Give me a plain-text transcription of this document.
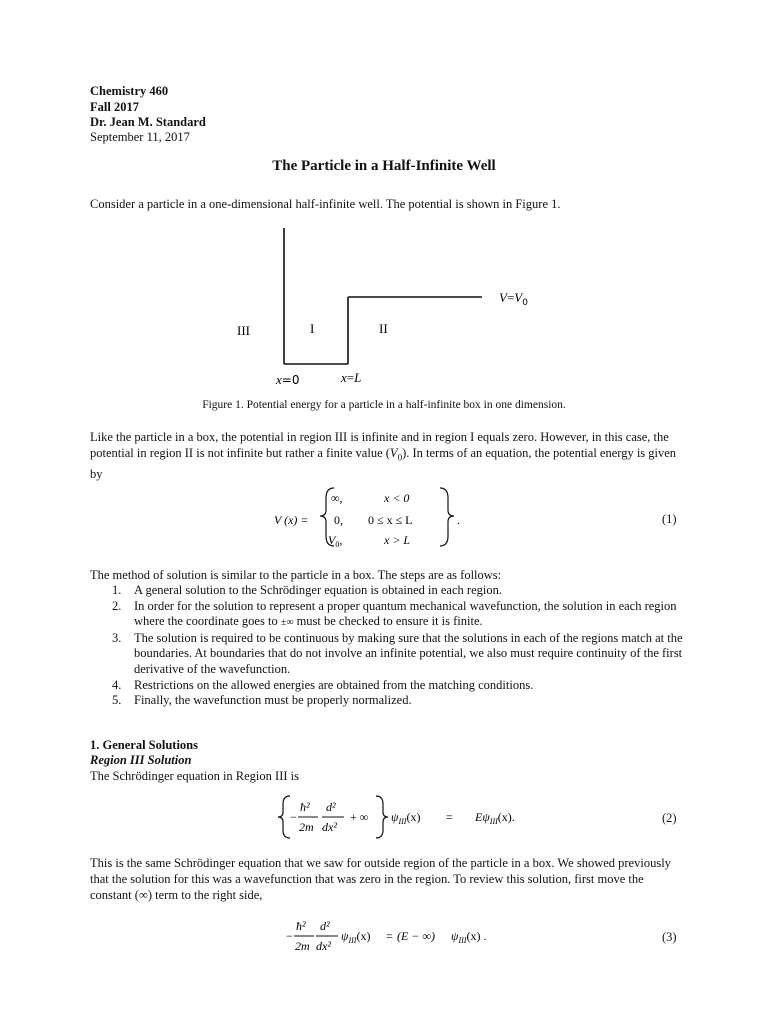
Chemistry 460
Fall 2017
Dr. Jean M. Standard
September 11, 2017
The Particle in a Half-Infinite Well
Consider a particle in a one-dimensional half-infinite well. The potential is shown in Figure 1.
III	I	II
$V=V_0$
x=0	x=L
Figure 1. Potential energy for a particle in a half-infinite box in one dimension.
Like the particle in a box, the potential in region III is infinite and in region I equals zero. However, in this case, the potential in region II is not infinite but rather a finite value $(V_0)$. In terms of an equation, the potential energy is given by
V (x) =
∞,	x < 0
0, 0 ≤ x ≤ L
$V_0$,	x > L
.	(1)
The method of solution is similar to the particle in a box. The steps are as follows:
1. A general solution to the Schrödinger equation is obtained in each region.
2. In order for the solution to represent a proper quantum mechanical wavefunction, the solution in each region where the coordinate goes to ±∞ must be checked to ensure it is finite.
3. The solution is required to be continuous by making sure that the solutions in each of the regions match at the boundaries. At boundaries that do not involve an infinite potential, we also must require continuity of the first derivative of the wavefunction.
4. Restrictions on the allowed energies are obtained from the matching conditions.
5. Finally, the wavefunction must be properly normalized.
1. General Solutions
Region III Solution
The Schrödinger equation in Region III is
−
ħ²
2m
d²
dx²
+ ∞ $\psi_{III}(x) = E\psi_{III}(x)$.	(2)
This is the same Schrödinger equation that we saw for outside region of the particle in a box. We showed previously that the solution for this was a wavefunction that was zero in the region. To review this solution, first move the constant (∞) term to the right side,
−
ħ²
2m
d²
dx²
$\psi_{III}(x) = (E$ − ∞) $\psi_{III}(x)$ .	(3)
